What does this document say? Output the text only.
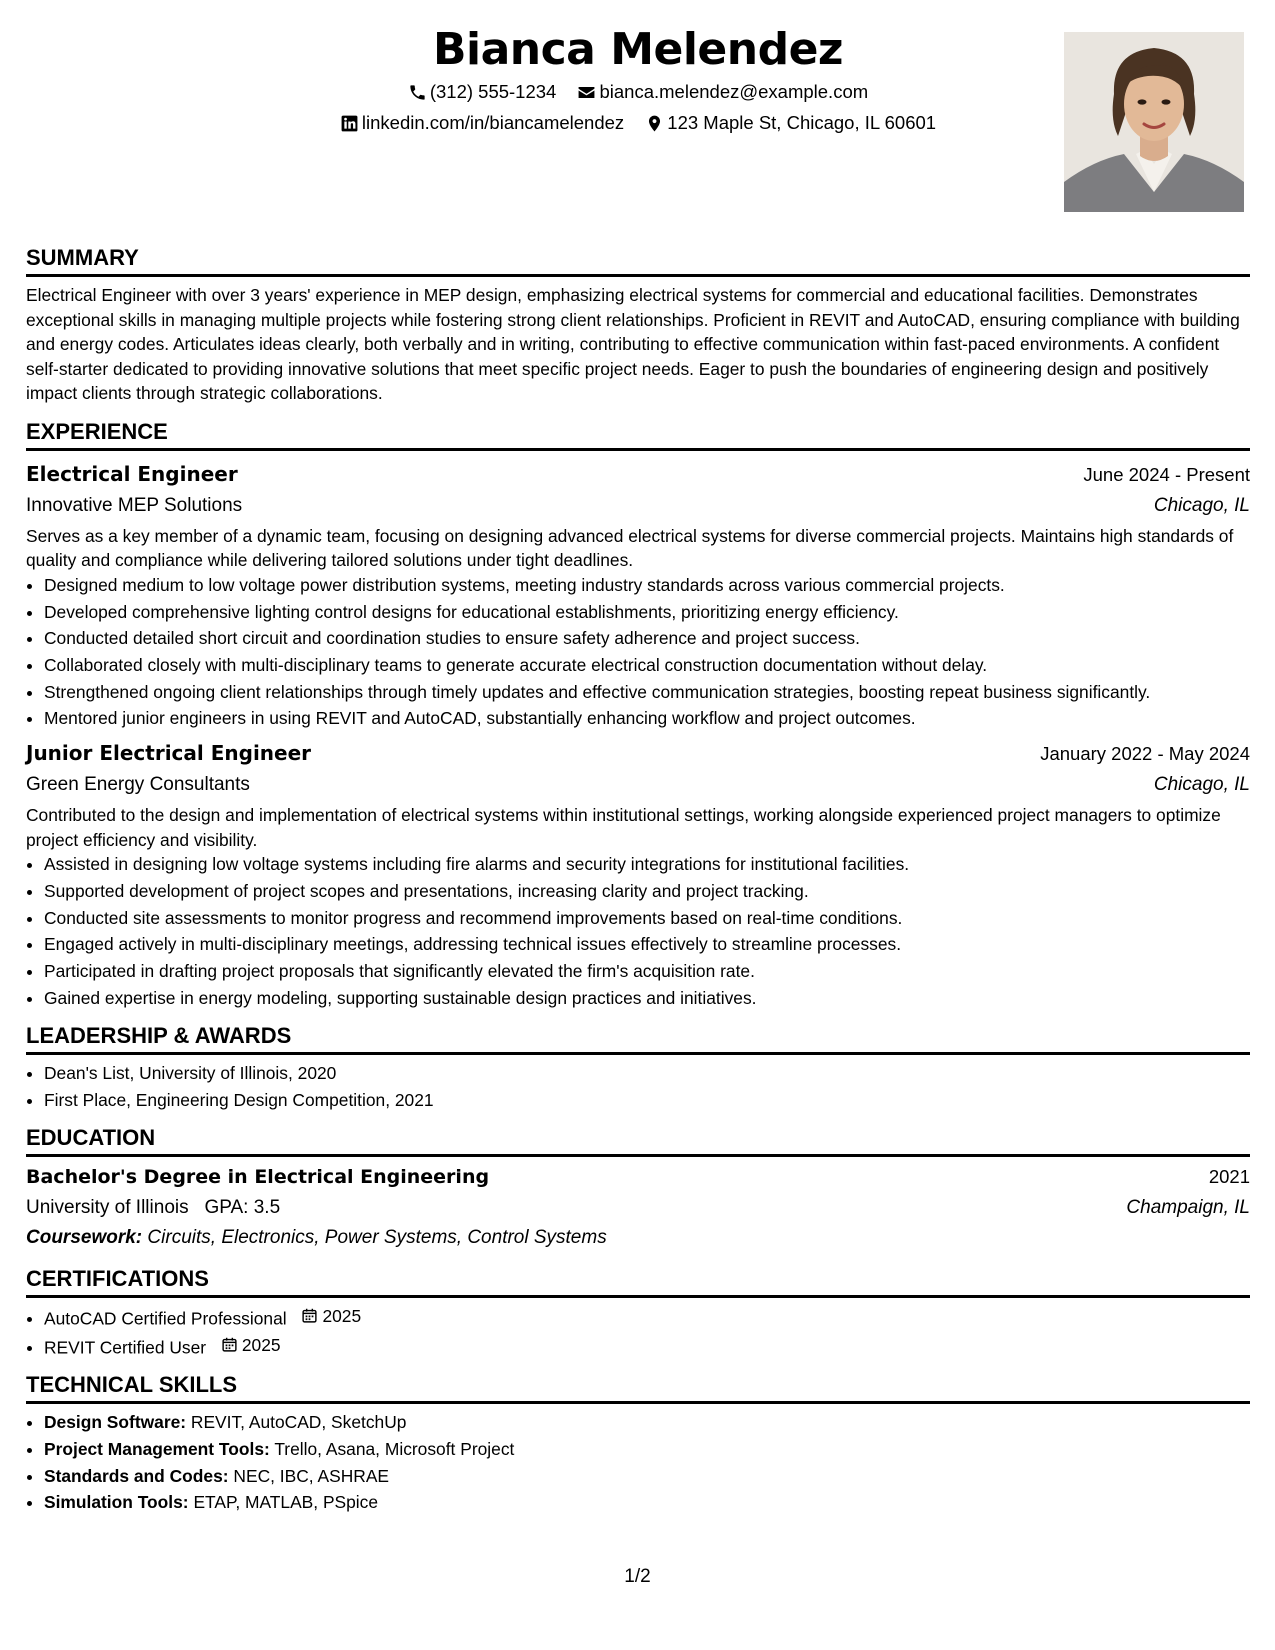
Bianca Melendez
(312) 555-1234
bianca.melendez@example.com
linkedin.com/in/biancamelendez
123 Maple St, Chicago, IL 60601
SUMMARY
Electrical Engineer with over 3 years' experience in MEP design, emphasizing electrical systems for commercial and educational facilities. Demonstrates exceptional skills in managing multiple projects while fostering strong client relationships. Proficient in REVIT and AutoCAD, ensuring compliance with building and energy codes. Articulates ideas clearly, both verbally and in writing, contributing to effective communication within fast-paced environments. A confident self-starter dedicated to providing innovative solutions that meet specific project needs. Eager to push the boundaries of engineering design and positively impact clients through strategic collaborations.
EXPERIENCE
Electrical Engineer	June 2024 - Present
Innovative MEP Solutions	Chicago, IL
Serves as a key member of a dynamic team, focusing on designing advanced electrical systems for diverse commercial projects. Maintains high standards of quality and compliance while delivering tailored solutions under tight deadlines.
• Designed medium to low voltage power distribution systems, meeting industry standards across various commercial projects.
• Developed comprehensive lighting control designs for educational establishments, prioritizing energy efficiency.
• Conducted detailed short circuit and coordination studies to ensure safety adherence and project success.
• Collaborated closely with multi-disciplinary teams to generate accurate electrical construction documentation without delay.
• Strengthened ongoing client relationships through timely updates and effective communication strategies, boosting repeat business significantly.
• Mentored junior engineers in using REVIT and AutoCAD, substantially enhancing workflow and project outcomes.
Junior Electrical Engineer	January 2022 - May 2024
Green Energy Consultants	Chicago, IL
Contributed to the design and implementation of electrical systems within institutional settings, working alongside experienced project managers to optimize project efficiency and visibility.
• Assisted in designing low voltage systems including fire alarms and security integrations for institutional facilities.
• Supported development of project scopes and presentations, increasing clarity and project tracking.
• Conducted site assessments to monitor progress and recommend improvements based on real-time conditions.
• Engaged actively in multi-disciplinary meetings, addressing technical issues effectively to streamline processes.
• Participated in drafting project proposals that significantly elevated the firm's acquisition rate.
• Gained expertise in energy modeling, supporting sustainable design practices and initiatives.
LEADERSHIP & AWARDS
• Dean's List, University of Illinois, 2020
• First Place, Engineering Design Competition, 2021
EDUCATION
Bachelor's Degree in Electrical Engineering	2021
University of Illinois GPA: 3.5	Champaign, IL
Coursework: Circuits, Electronics, Power Systems, Control Systems
CERTIFICATIONS
• AutoCAD Certified Professional 2025
• REVIT Certified User 2025
TECHNICAL SKILLS
• Design Software: REVIT, AutoCAD, SketchUp
• Project Management Tools: Trello, Asana, Microsoft Project
• Standards and Codes: NEC, IBC, ASHRAE
• Simulation Tools: ETAP, MATLAB, PSpice
1/2
